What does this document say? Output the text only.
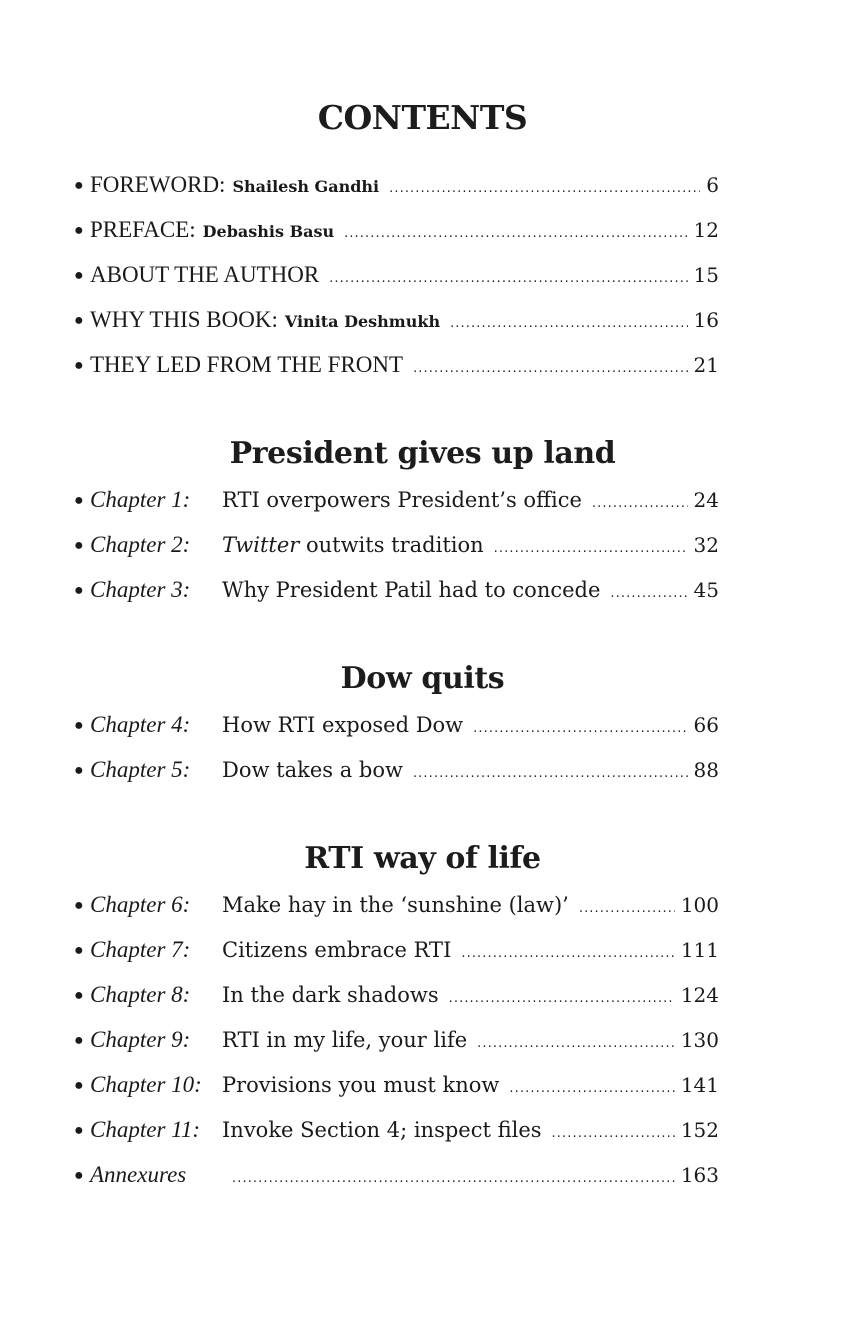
CONTENTS
● FOREWORD: Shailesh Gandhi .....	6
● PREFACE: Debashis Basu .....	12
● ABOUT THE AUTHOR .....	15
● WHY THIS BOOK: Vinita Deshmukh .....	16
● THEY LED FROM THE FRONT .....	21
President gives up land
● Chapter 1:	RTI overpowers President’s office .....	24
● Chapter 2:	Twitter outwits tradition .....	32
● Chapter 3:	Why President Patil had to concede .....	45
Dow quits
● Chapter 4:	How RTI exposed Dow .....	66
● Chapter 5:	Dow takes a bow .....	88
RTI way of life
● Chapter 6:	Make hay in the ‘sunshine (law)’ .....	100
● Chapter 7:	Citizens embrace RTI .....	111
● Chapter 8:	In the dark shadows .....	124
● Chapter 9:	RTI in my life, your life .....	130
● Chapter 10: Provisions you must know .....	141
● Chapter 11:	Invoke Section 4; inspect files .....	152
● Annexures .....	163
